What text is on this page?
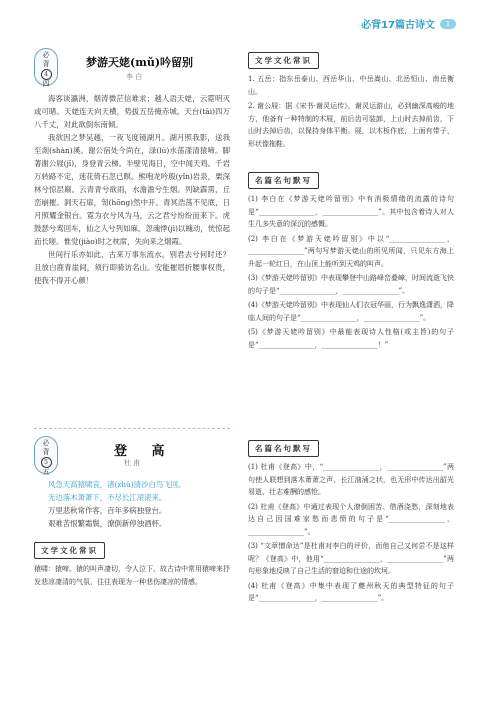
必背17篇古诗文	1
必
背
4
四
梦游天姥(mǔ)吟留别
李 白

海客谈瀛洲，烟涛微茫信难求；越人语天姥，云霓明灭或可睹。天姥连天向天横，势拔五岳掩赤城。天台(tāi)四万八千丈，对此欲倒东南倾。

我欲因之梦吴越，一夜飞度镜湖月。湖月照我影，送我至剡(shàn)溪。谢公宿处今尚在，渌(lù)水荡漾清猿啼。脚著谢公屐(jī)，身登青云梯。半壁见海日，空中闻天鸡。千岩万转路不定，迷花倚石忽已暝。熊咆龙吟殷(yǐn)岩泉，栗深林兮惊层巅。云青青兮欲雨，水澹澹兮生烟。列缺霹雳，丘峦崩摧。洞天石扉，訇(hōng)然中开。青冥浩荡不见底，日月照耀金银台。霓为衣兮风为马，云之君兮纷纷而来下。虎鼓瑟兮鸾回车，仙之人兮列如麻。忽魂悸(jì)以魄动，恍惊起而长嗟。惟觉(jiào)时之枕席，失向来之烟霞。

世间行乐亦如此，古来万事东流水。别君去兮何时还？且放白鹿青崖间，须行即骑访名山。安能摧眉折腰事权贵，使我不得开心颜！

必
背
5
五
登 高
杜 甫

风急天高猿啸哀，渚(zhǔ)清沙白鸟飞回。

无边落木萧萧下，不尽长江滚滚来。

万里悲秋常作客，百年多病独登台。

艰难苦恨繁霜鬓，潦倒新停浊酒杯。

文学文化常识

猿啸：猿啼。猿的叫声凄切，令人泣下，故古诗中常用猿啼来抒发悲凉凄清的气氛，往往表现为一种悲伤凄凉的情感。

文学文化常识

1. 五岳：指东岳泰山、西岳华山、中岳嵩山、北岳恒山、南岳衡山。

2. 谢公屐：据《宋书·谢灵运传》，谢灵运游山，必到幽深高峻的地方，他备有一种特制的木屐，前后齿可装卸，上山时去掉前齿，下山时去掉后齿，以保持身体平衡。屐，以木板作底，上面有带子，形状像拖鞋。

名篇名句默写

(1) 李白在《梦游天姥吟留别》中有消极情绪的流露的诗句是“________________，________________”。其中包含着诗人对人生几多失意的深沉的感慨。

(2) 李白在《梦游天姥吟留别》中以“________________，________________”两句写梦游天姥山的所见所闻，只见东方海上升起一轮红日，在山顶上能听到天鸡的叫声。

(3)《梦游天姥吟留别》中表现攀登中山路峰峦叠嶂，时间流逝飞快的句子是“________________，________________”。

(4)《梦游天姥吟留别》中表现仙人们衣冠华丽，行为飘逸潇洒，降临人间的句子是“________________，________________”。

(5)《梦游天姥吟留别》中最能表现诗人性格(或主旨)的句子是“________________，________________！”

名篇名句默写

(1) 杜甫《登高》中，“________________，________________”两句使人联想到落木萧萧之声、长江汹涌之状，也无形中传达出韶光易逝、壮志难酬的感怆。

(2) 杜甫《登高》中通过表现个人潦倒困苦、借酒浇愁，深刻地表达自己因国难家愁而悲愤的句子是“________________，________________”。

(3) “文章憎命达”是杜甫对李白的评价，而他自己又何尝不是这样呢？《登高》中，他用“________________，________________”两句形象地反映了自己生活的窘迫和仕途的坎坷。

(4) 杜甫《登高》中集中表现了夔州秋天的典型特征的句子是“________________，________________”。
